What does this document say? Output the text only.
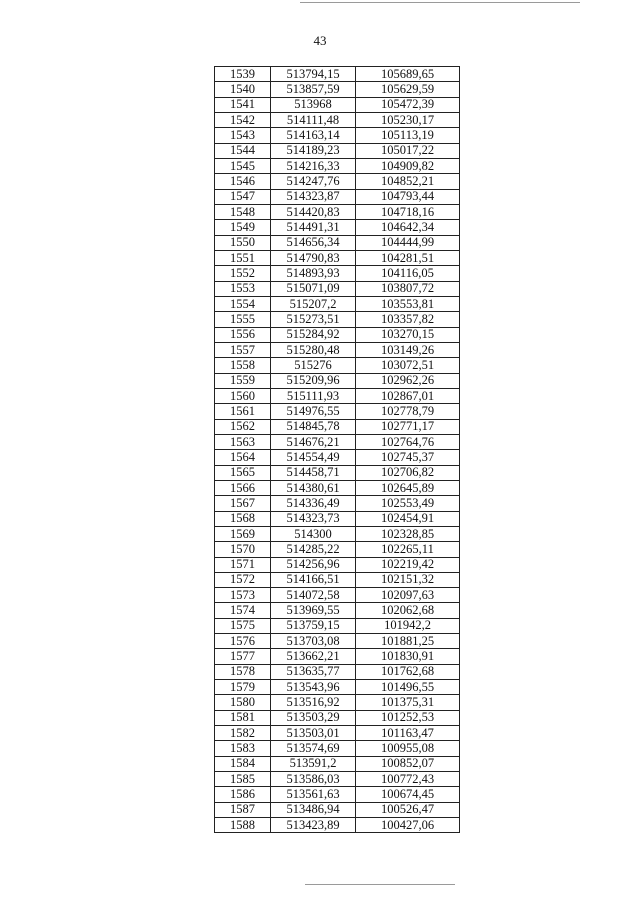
43
1539	513794,15	105689,65
1540	513857,59	105629,59
1541	513968	105472,39
1542	514111,48	105230,17
1543	514163,14	105113,19
1544	514189,23	105017,22
1545	514216,33	104909,82
1546	514247,76	104852,21
1547	514323,87	104793,44
1548	514420,83	104718,16
1549	514491,31	104642,34
1550	514656,34	104444,99
1551	514790,83	104281,51
1552	514893,93	104116,05
1553	515071,09	103807,72
1554	515207,2	103553,81
1555	515273,51	103357,82
1556	515284,92	103270,15
1557	515280,48	103149,26
1558	515276	103072,51
1559	515209,96	102962,26
1560	515111,93	102867,01
1561	514976,55	102778,79
1562	514845,78	102771,17
1563	514676,21	102764,76
1564	514554,49	102745,37
1565	514458,71	102706,82
1566	514380,61	102645,89
1567	514336,49	102553,49
1568	514323,73	102454,91
1569	514300	102328,85
1570	514285,22	102265,11
1571	514256,96	102219,42
1572	514166,51	102151,32
1573	514072,58	102097,63
1574	513969,55	102062,68
1575	513759,15	101942,2
1576	513703,08	101881,25
1577	513662,21	101830,91
1578	513635,77	101762,68
1579	513543,96	101496,55
1580	513516,92	101375,31
1581	513503,29	101252,53
1582	513503,01	101163,47
1583	513574,69	100955,08
1584	513591,2	100852,07
1585	513586,03	100772,43
1586	513561,63	100674,45
1587	513486,94	100526,47
1588	513423,89	100427,06
